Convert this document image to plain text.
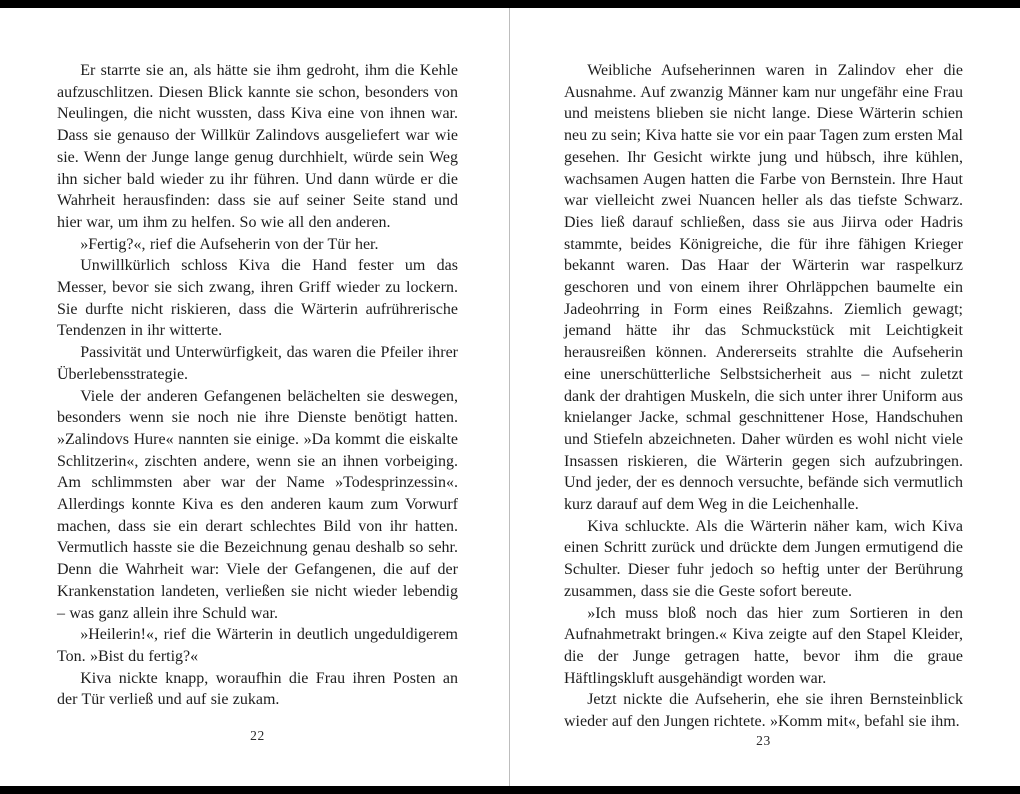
Er starrte sie an, als hätte sie ihm gedroht, ihm die Kehle aufzuschlitzen. Diesen Blick kannte sie schon, besonders von Neulingen, die nicht wussten, dass Kiva eine von ihnen war. Dass sie genauso der Willkür Zalindovs ausgeliefert war wie sie. Wenn der Junge lange genug durchhielt, würde sein Weg ihn sicher bald wieder zu ihr führen. Und dann würde er die Wahrheit herausfinden: dass sie auf seiner Seite stand und hier war, um ihm zu helfen. So wie all den anderen.

»Fertig?«, rief die Aufseherin von der Tür her.

Unwillkürlich schloss Kiva die Hand fester um das Messer, bevor sie sich zwang, ihren Griff wieder zu lockern. Sie durfte nicht riskieren, dass die Wärterin aufrührerische Tendenzen in ihr witterte.

Passivität und Unterwürfigkeit, das waren die Pfeiler ihrer Überlebensstrategie.

Viele der anderen Gefangenen belächelten sie deswegen, besonders wenn sie noch nie ihre Dienste benötigt hatten. »Zalindovs Hure« nannten sie einige. »Da kommt die eiskalte Schlitzerin«, zischten andere, wenn sie an ihnen vorbeiging. Am schlimmsten aber war der Name »Todesprinzessin«. Allerdings konnte Kiva es den anderen kaum zum Vorwurf machen, dass sie ein derart schlechtes Bild von ihr hatten. Vermutlich hasste sie die Bezeichnung genau deshalb so sehr. Denn die Wahrheit war: Viele der Gefangenen, die auf der Krankenstation landeten, verließen sie nicht wieder lebendig – was ganz allein ihre Schuld war.

»Heilerin!«, rief die Wärterin in deutlich ungeduldigerem Ton. »Bist du fertig?«

Kiva nickte knapp, woraufhin die Frau ihren Posten an der Tür verließ und auf sie zukam.

22

Weibliche Aufseherinnen waren in Zalindov eher die Ausnahme. Auf zwanzig Männer kam nur ungefähr eine Frau und meistens blieben sie nicht lange. Diese Wärterin schien neu zu sein; Kiva hatte sie vor ein paar Tagen zum ersten Mal gesehen. Ihr Gesicht wirkte jung und hübsch, ihre kühlen, wachsamen Augen hatten die Farbe von Bernstein. Ihre Haut war vielleicht zwei Nuancen heller als das tiefste Schwarz. Dies ließ darauf schließen, dass sie aus Jiirva oder Hadris stammte, beides Königreiche, die für ihre fähigen Krieger bekannt waren. Das Haar der Wärterin war raspelkurz geschoren und von einem ihrer Ohrläppchen baumelte ein Jadeohrring in Form eines Reißzahns. Ziemlich gewagt; jemand hätte ihr das Schmuckstück mit Leichtigkeit herausreißen können. Andererseits strahlte die Aufseherin eine unerschütterliche Selbstsicherheit aus – nicht zuletzt dank der drahtigen Muskeln, die sich unter ihrer Uniform aus knielanger Jacke, schmal geschnittener Hose, Handschuhen und Stiefeln abzeichneten. Daher würden es wohl nicht viele Insassen riskieren, die Wärterin gegen sich aufzubringen. Und jeder, der es dennoch versuchte, befände sich vermutlich kurz darauf auf dem Weg in die Leichenhalle.

Kiva schluckte. Als die Wärterin näher kam, wich Kiva einen Schritt zurück und drückte dem Jungen ermutigend die Schulter. Dieser fuhr jedoch so heftig unter der Berührung zusammen, dass sie die Geste sofort bereute.

»Ich muss bloß noch das hier zum Sortieren in den Aufnahmetrakt bringen.« Kiva zeigte auf den Stapel Kleider, die der Junge getragen hatte, bevor ihm die graue Häftlingskluft ausgehändigt worden war.

Jetzt nickte die Aufseherin, ehe sie ihren Bernsteinblick wieder auf den Jungen richtete. »Komm mit«, befahl sie ihm.

23
